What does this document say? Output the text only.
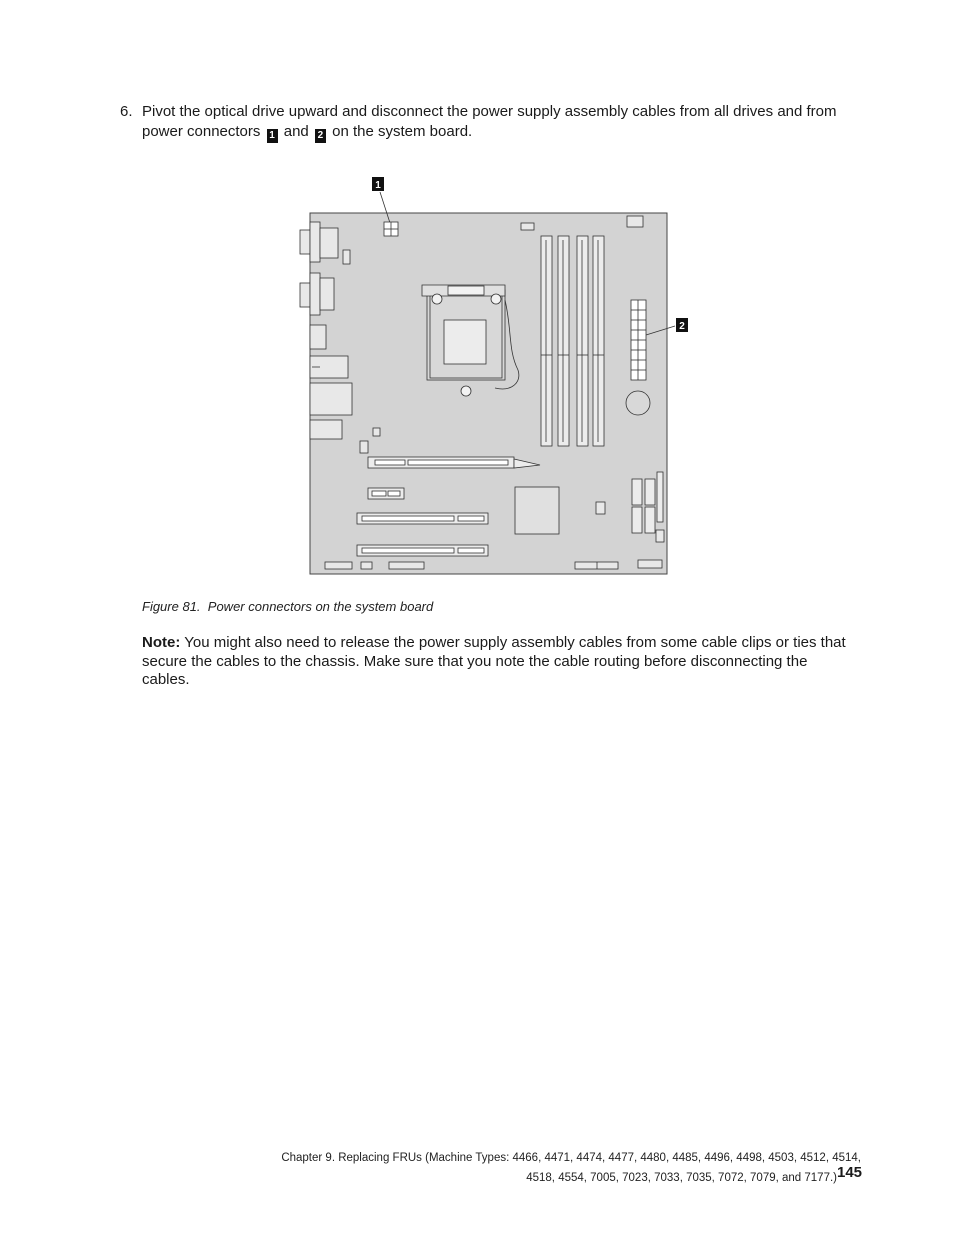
6. Pivot the optical drive upward and disconnect the power supply assembly cables from all drives and from power connectors 1 and 2 on the system board.
1
2
Figure 81. Power connectors on the system board
Note: You might also need to release the power supply assembly cables from some cable clips or ties that secure the cables to the chassis. Make sure that you note the cable routing before disconnecting the cables.
Chapter 9. Replacing FRUs (Machine Types: 4466, 4471, 4474, 4477, 4480, 4485, 4496, 4498, 4503, 4512, 4514,
4518, 4554, 7005, 7023, 7033, 7035, 7072, 7079, and 7177.) 145
